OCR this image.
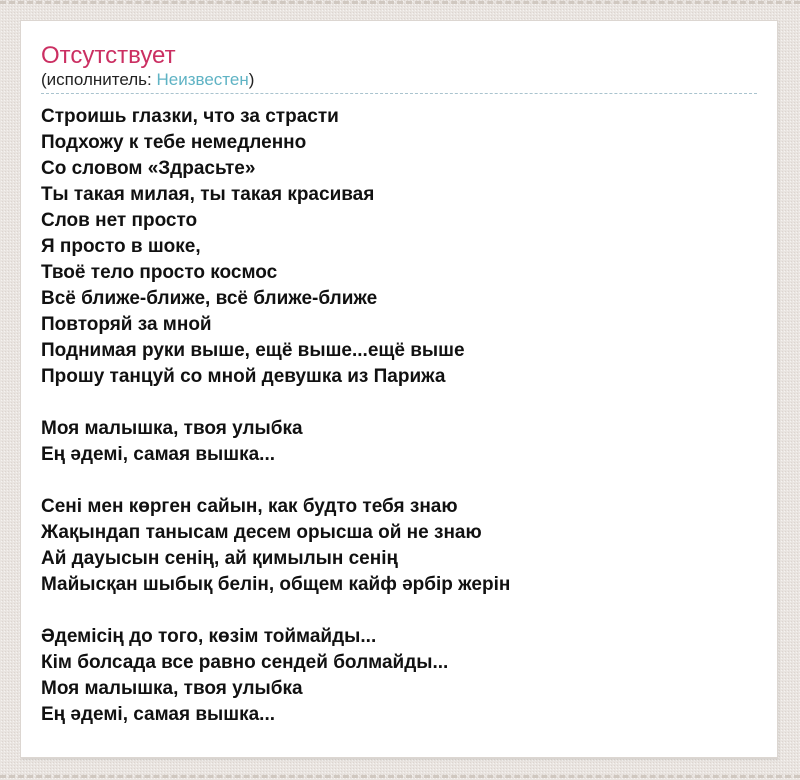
Отсутствует
(исполнитель: Неизвестен)
Строишь глазки, что за страсти
Подхожу к тебе немедленно
Со словом «Здрасьте»
Ты такая милая, ты такая красивая
Слов нет просто
Я просто в шоке,
Твоё тело просто космос
Всё ближе-ближе, всё ближе-ближе
Повторяй за мной
Поднимая руки выше, ещё выше...ещё выше
Прошу танцуй со мной девушка из Парижа

Моя малышка, твоя улыбка
Ең әдемі, самая вышка...

Сені мен көрген сайын, как будто тебя знаю
Жақындап танысам десем орысша ой не знаю
Ай дауысын сенің, ай қимылын сенің
Майысқан шыбық белін, общем кайф әрбір жерін

Әдемісің до того, көзім тоймайды...
Кім болсада все равно сендей болмайды...
Моя малышка, твоя улыбка
Ең әдемі, самая вышка...
